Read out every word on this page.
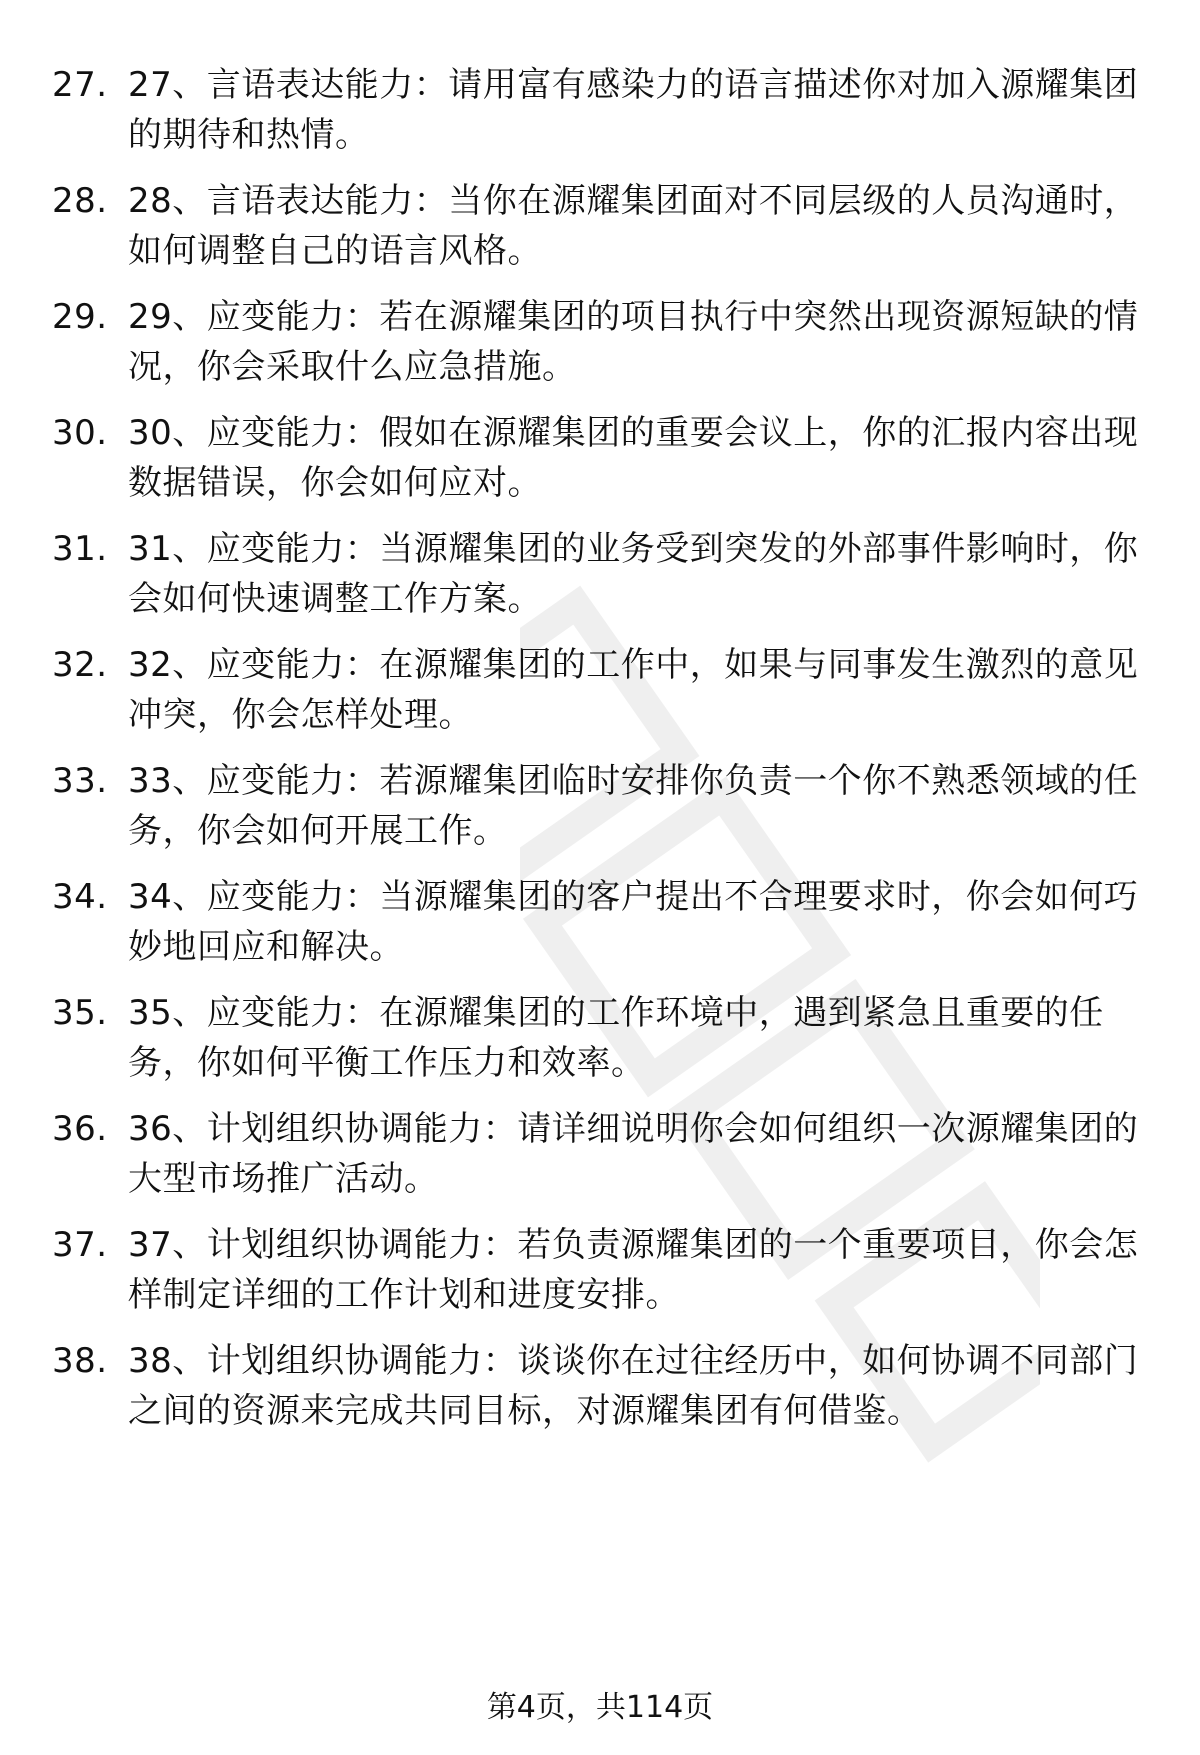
27. 27、言语表达能力：请用富有感染力的语言描述你对加入源耀集团的期待和热情。
28. 28、言语表达能力：当你在源耀集团面对不同层级的人员沟通时，如何调整自己的语言风格。
29. 29、应变能力：若在源耀集团的项目执行中突然出现资源短缺的情况，你会采取什么应急措施。
30. 30、应变能力：假如在源耀集团的重要会议上，你的汇报内容出现数据错误，你会如何应对。
31. 31、应变能力：当源耀集团的业务受到突发的外部事件影响时，你会如何快速调整工作方案。
32. 32、应变能力：在源耀集团的工作中，如果与同事发生激烈的意见冲突，你会怎样处理。
33. 33、应变能力：若源耀集团临时安排你负责一个你不熟悉领域的任务，你会如何开展工作。
34. 34、应变能力：当源耀集团的客户提出不合理要求时，你会如何巧妙地回应和解决。
35. 35、应变能力：在源耀集团的工作环境中，遇到紧急且重要的任务，你如何平衡工作压力和效率。
36. 36、计划组织协调能力：请详细说明你会如何组织一次源耀集团的大型市场推广活动。
37. 37、计划组织协调能力：若负责源耀集团的一个重要项目，你会怎样制定详细的工作计划和进度安排。
38. 38、计划组织协调能力：谈谈你在过往经历中，如何协调不同部门之间的资源来完成共同目标，对源耀集团有何借鉴。
第4页，共114页
